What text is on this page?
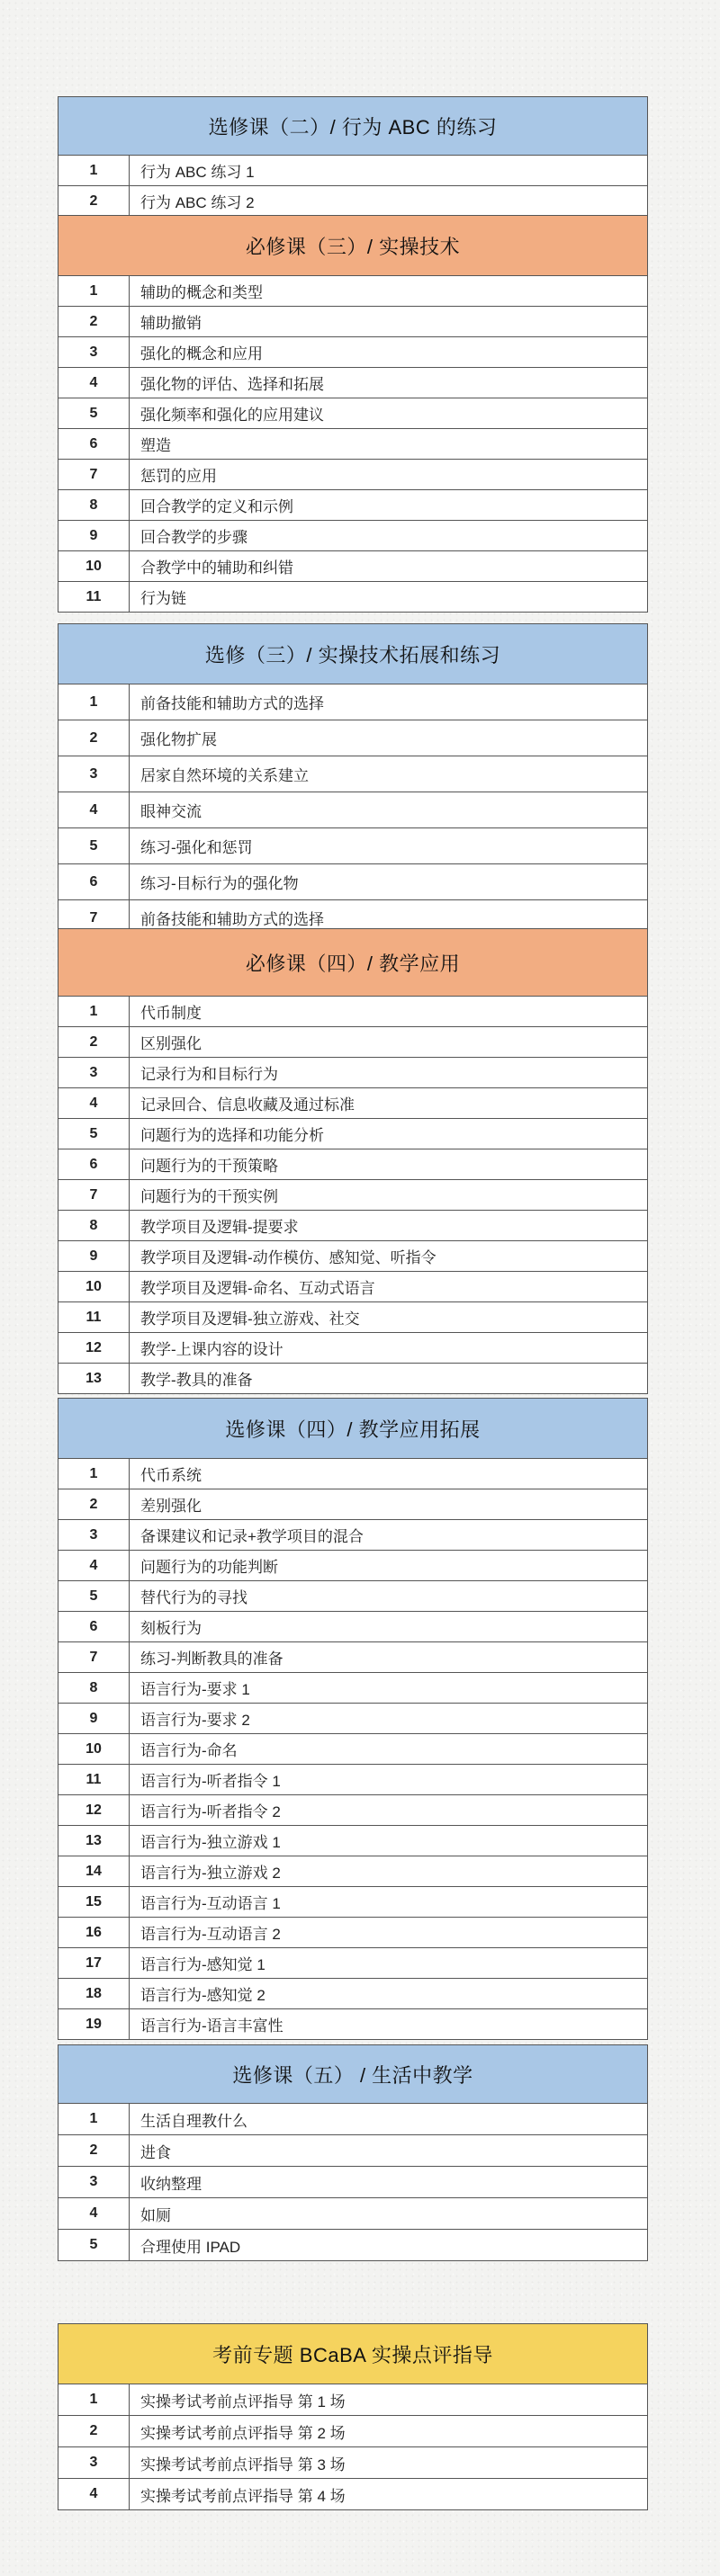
选修课（二）/ 行为 ABC 的练习
1	行为 ABC 练习 1
2	行为 ABC 练习 2
必修课（三）/ 实操技术
1	辅助的概念和类型
2	辅助撤销
3	强化的概念和应用
4	强化物的评估、选择和拓展
5	强化频率和强化的应用建议
6	塑造
7	惩罚的应用
8	回合教学的定义和示例
9	回合教学的步骤
10	合教学中的辅助和纠错
11	行为链
选修（三）/ 实操技术拓展和练习
1	前备技能和辅助方式的选择
2	强化物扩展
3	居家自然环境的关系建立
4	眼神交流
5	练习-强化和惩罚
6	练习-目标行为的强化物
7	前备技能和辅助方式的选择
必修课（四）/ 教学应用
1	代币制度
2	区别强化
3	记录行为和目标行为
4	记录回合、信息收藏及通过标准
5	问题行为的选择和功能分析
6	问题行为的干预策略
7	问题行为的干预实例
8	教学项目及逻辑-提要求
9	教学项目及逻辑-动作模仿、感知觉、听指令
10	教学项目及逻辑-命名、互动式语言
11	教学项目及逻辑-独立游戏、社交
12	教学-上课内容的设计
13	教学-教具的准备
选修课（四）/ 教学应用拓展
1	代币系统
2	差别强化
3	备课建议和记录+教学项目的混合
4	问题行为的功能判断
5	替代行为的寻找
6	刻板行为
7	练习-判断教具的准备
8	语言行为-要求 1
9	语言行为-要求 2
10	语言行为-命名
11	语言行为-听者指令 1
12	语言行为-听者指令 2
13	语言行为-独立游戏 1
14	语言行为-独立游戏 2
15	语言行为-互动语言 1
16	语言行为-互动语言 2
17	语言行为-感知觉 1
18	语言行为-感知觉 2
19	语言行为-语言丰富性
选修课（五） / 生活中教学
1	生活自理教什么
2	进食
3	收纳整理
4	如厕
5	合理使用 IPAD
考前专题 BCaBA 实操点评指导
1	实操考试考前点评指导 第 1 场
2	实操考试考前点评指导 第 2 场
3	实操考试考前点评指导 第 3 场
4	实操考试考前点评指导 第 4 场
